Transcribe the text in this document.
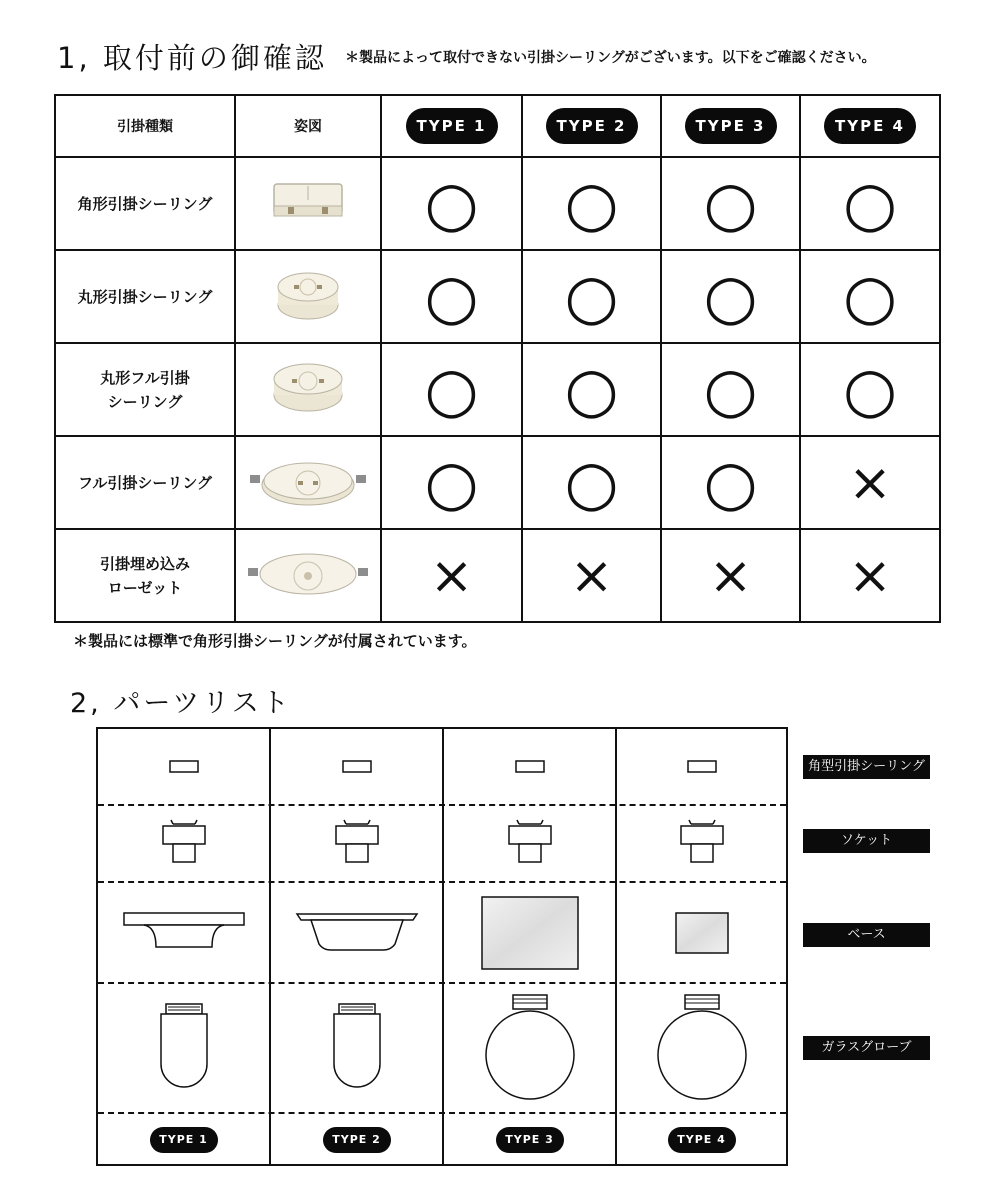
1, 取付前の御確認 ＊製品によって取付できない引掛シーリングがございます。以下をご確認ください。
引掛種類	姿図	TYPE 1	TYPE 2	TYPE 3	TYPE 4
角形引掛シーリング		○	○	○	○
丸形引掛シーリング		○	○	○	○

丸形フル引掛
シーリング		○	○	○	○
フル引掛シーリング		○	○	○	×

引掛埋め込み
ローゼット		×	×	×	×
＊製品には標準で角形引掛シーリングが付属されています。
2, パーツリスト
TYPE 1	TYPE 2	TYPE 3	TYPE 4
角型引掛シーリング
ソケット
ベース
ガラスグローブ
